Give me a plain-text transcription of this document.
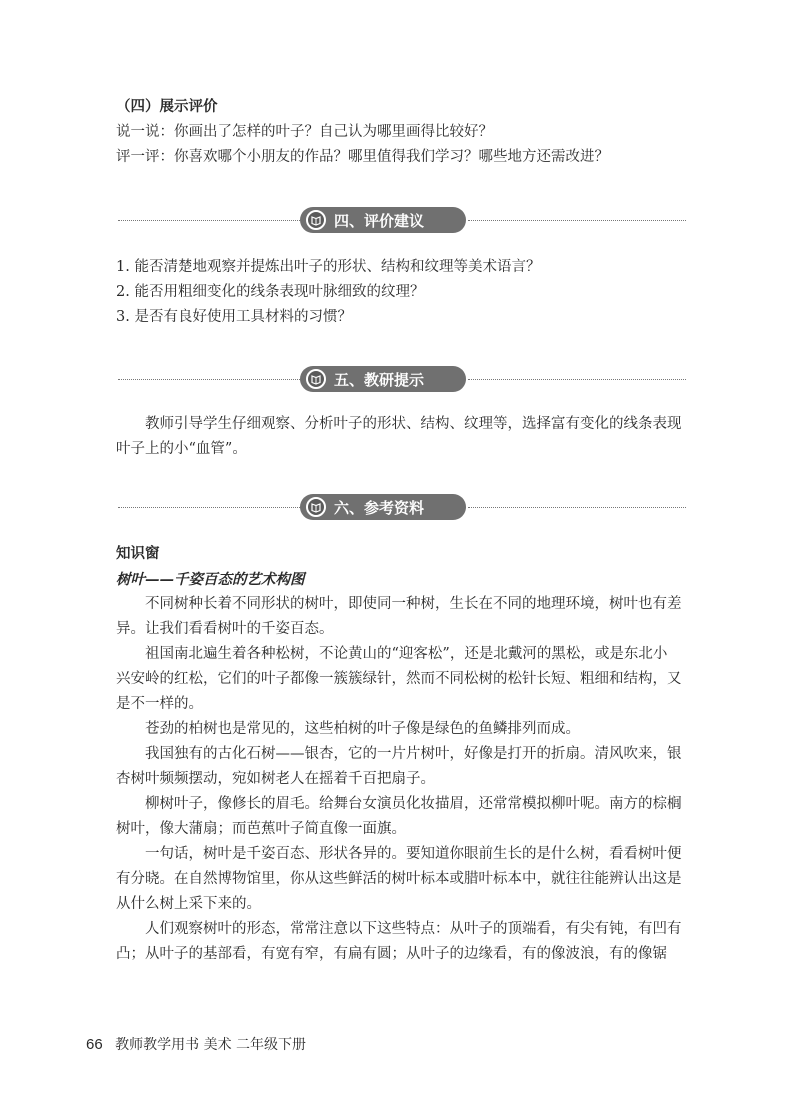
（四）展示评价
说一说：你画出了怎样的叶子？自己认为哪里画得比较好？
评一评：你喜欢哪个小朋友的作品？哪里值得我们学习？哪些地方还需改进？
四、评价建议
1. 能否清楚地观察并提炼出叶子的形状、结构和纹理等美术语言？
2. 能否用粗细变化的线条表现叶脉细致的纹理？
3. 是否有良好使用工具材料的习惯？
五、教研提示
教师引导学生仔细观察、分析叶子的形状、结构、纹理等，选择富有变化的线条表现
叶子上的小“血管”。
六、参考资料
知识窗
树叶——千姿百态的艺术构图
不同树种长着不同形状的树叶，即使同一种树，生长在不同的地理环境，树叶也有差
异。让我们看看树叶的千姿百态。
祖国南北遍生着各种松树，不论黄山的“迎客松”，还是北戴河的黑松，或是东北小
兴安岭的红松，它们的叶子都像一簇簇绿针，然而不同松树的松针长短、粗细和结构，又
是不一样的。
苍劲的柏树也是常见的，这些柏树的叶子像是绿色的鱼鳞排列而成。
我国独有的古化石树——银杏，它的一片片树叶，好像是打开的折扇。清风吹来，银
杏树叶频频摆动，宛如树老人在摇着千百把扇子。
柳树叶子，像修长的眉毛。给舞台女演员化妆描眉，还常常模拟柳叶呢。南方的棕榈
树叶，像大蒲扇；而芭蕉叶子简直像一面旗。
一句话，树叶是千姿百态、形状各异的。要知道你眼前生长的是什么树，看看树叶便
有分晓。在自然博物馆里，你从这些鲜活的树叶标本或腊叶标本中，就往往能辨认出这是
从什么树上采下来的。
人们观察树叶的形态，常常注意以下这些特点：从叶子的顶端看，有尖有钝，有凹有
凸；从叶子的基部看，有宽有窄，有扁有圆；从叶子的边缘看，有的像波浪，有的像锯
66 教师教学用书 美术 二年级下册
